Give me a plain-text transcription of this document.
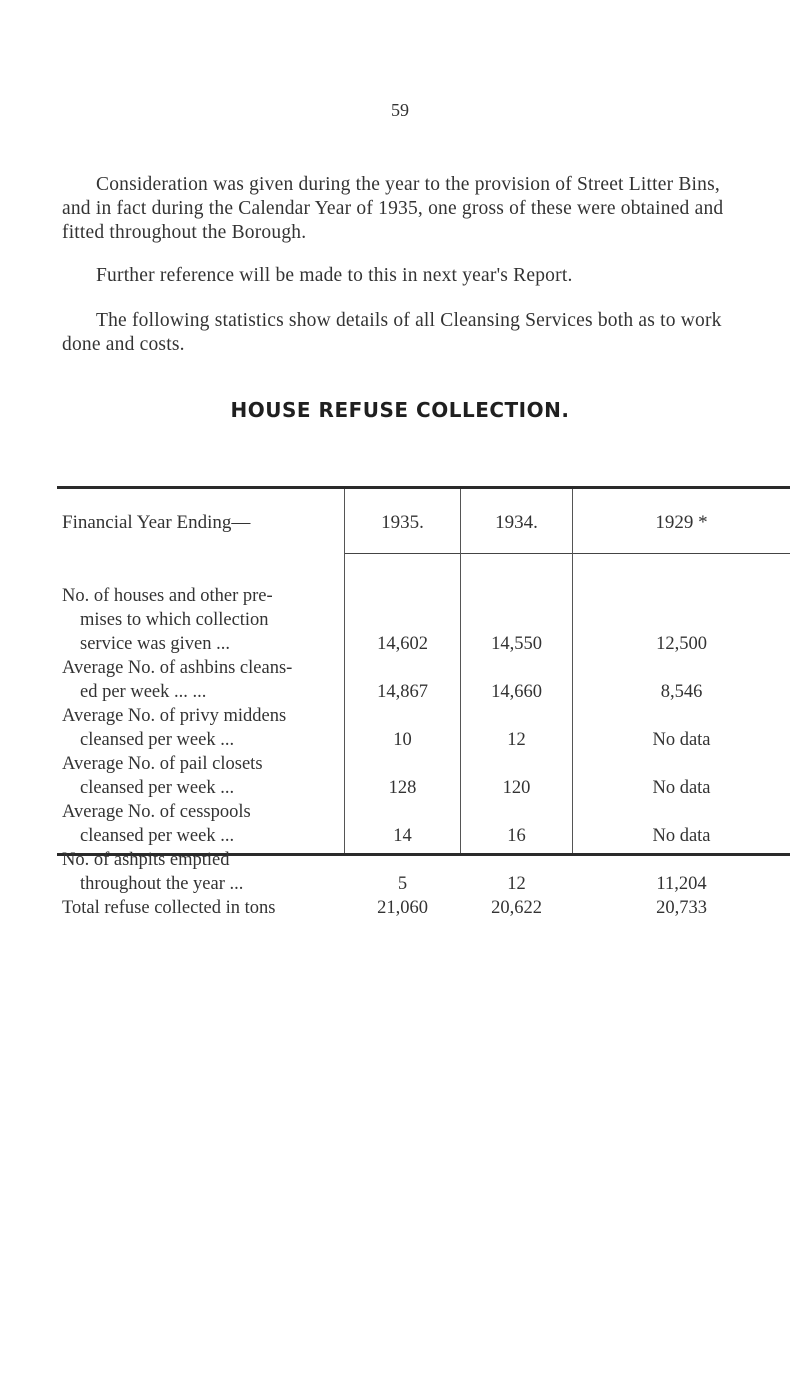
59
Consideration was given during the year to the provision of Street Litter Bins, and in fact during the Calendar Year of 1935, one gross of these were obtained and fitted throughout the Borough.
Further reference will be made to this in next year's Report.
The following statistics show details of all Cleansing Services both as to work done and costs.
HOUSE REFUSE COLLECTION.
Financial Year Ending—	1935.	1934.	1929 *
No. of houses and other pre-
mises to which collection
service was given ...	14,602	14,550	12,500
Average No. of ashbins cleans-
ed per week ... ...	14,867	14,660	8,546
Average No. of privy middens
cleansed per week ...	10	12	No data
Average No. of pail closets
cleansed per week ...	128	120	No data
Average No. of cesspools
cleansed per week ...	14	16	No data
No. of ashpits emptied
throughout the year ...	5	12	11,204
Total refuse collected in tons	21,060	20,622	20,733
